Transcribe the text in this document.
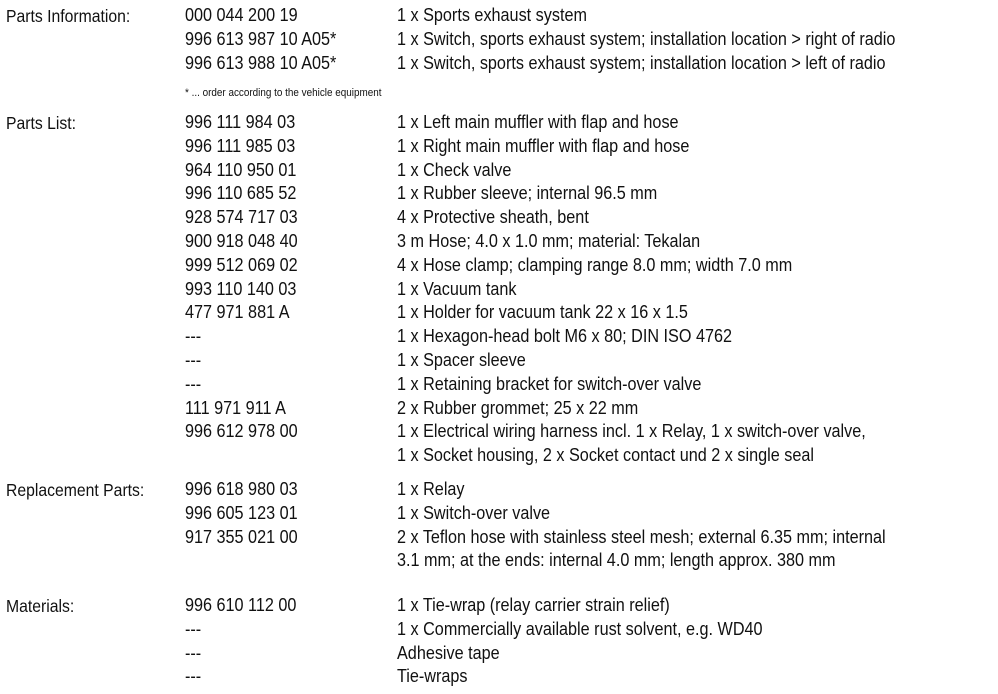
Parts Information:	000 044 200 19	1 x Sports exhaust system
996 613 987 10 A05*	1 x Switch, sports exhaust system; installation location > right of radio
996 613 988 10 A05*	1 x Switch, sports exhaust system; installation location > left of radio
* ... order according to the vehicle equipment
Parts List:	996 111 984 03	1 x Left main muffler with flap and hose
996 111 985 03	1 x Right main muffler with flap and hose
964 110 950 01	1 x Check valve
996 110 685 52	1 x Rubber sleeve; internal 96.5 mm
928 574 717 03	4 x Protective sheath, bent
900 918 048 40	3 m Hose; 4.0 x 1.0 mm; material: Tekalan
999 512 069 02	4 x Hose clamp; clamping range 8.0 mm; width 7.0 mm
993 110 140 03	1 x Vacuum tank
477 971 881 A	1 x Holder for vacuum tank 22 x 16 x 1.5
---	1 x Hexagon-head bolt M6 x 80; DIN ISO 4762
---	1 x Spacer sleeve
---	1 x Retaining bracket for switch-over valve
111 971 911 A	2 x Rubber grommet; 25 x 22 mm
996 612 978 00	1 x Electrical wiring harness incl. 1 x Relay, 1 x switch-over valve,
1 x Socket housing, 2 x Socket contact und 2 x single seal
Replacement Parts: 996 618 980 03	1 x Relay
996 605 123 01	1 x Switch-over valve
917 355 021 00	2 x Teflon hose with stainless steel mesh; external 6.35 mm; internal
3.1 mm; at the ends: internal 4.0 mm; length approx. 380 mm
Materials:	996 610 112 00	1 x Tie-wrap (relay carrier strain relief)
---	1 x Commercially available rust solvent, e.g. WD40
---	Adhesive tape
---	Tie-wraps
